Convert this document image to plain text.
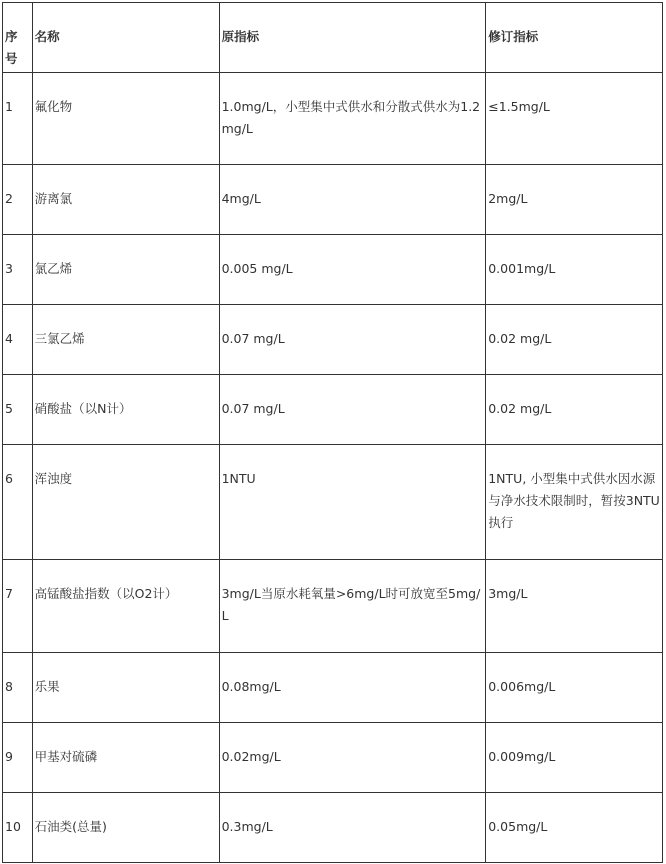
序号	名称	原指标	修订指标
1	氟化物	1.0mg/L，小型集中式供水和分散式供水为1.2mg/L	≤1.5mg/L
2	游离氯	4mg/L	2mg/L
3	氯乙烯	0.005 mg/L	0.001mg/L
4	三氯乙烯	0.07 mg/L	0.02 mg/L
5	硝酸盐（以N计）	0.07 mg/L	0.02 mg/L
6	浑浊度	1NTU	1NTU, 小型集中式供水因水源与净水技术限制时，暂按3NTU执行
7	高锰酸盐指数（以O2计）	3mg/L当原水耗氧量>6mg/L时可放宽至5mg/L	3mg/L
8	乐果	0.08mg/L	0.006mg/L
9	甲基对硫磷	0.02mg/L	0.009mg/L
10	石油类(总量)	0.3mg/L	0.05mg/L
